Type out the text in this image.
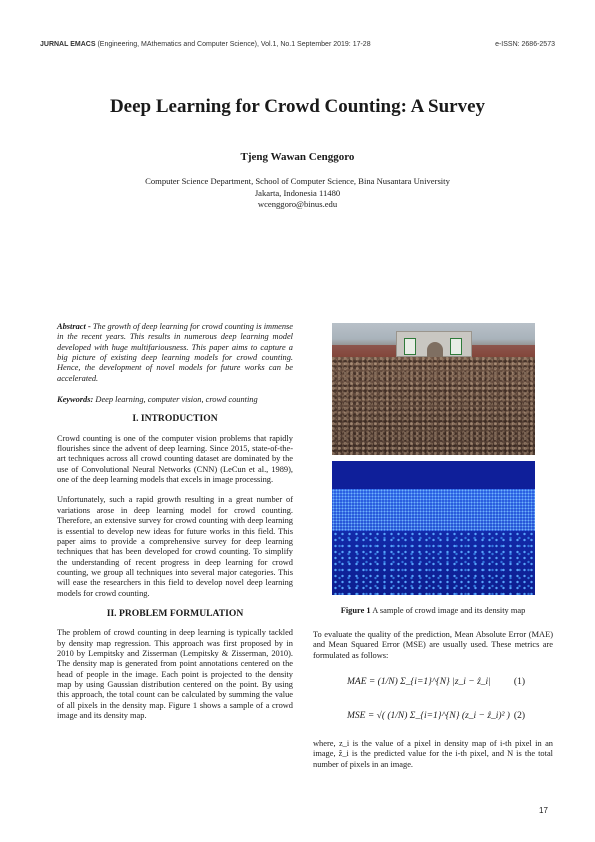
JURNAL EMACS (Engineering, MAthematics and Computer Science), Vol.1, No.1 September 2019: 17-28	e-ISSN: 2686-2573
Deep Learning for Crowd Counting: A Survey
Tjeng Wawan Cenggoro
Computer Science Department, School of Computer Science, Bina Nusantara University
Jakarta, Indonesia 11480
wcenggoro@binus.edu

Abstract - The growth of deep learning for crowd counting is immense in the recent years. This results in numerous deep learning model developed with huge multifariousness. This paper aims to capture a big picture of existing deep learning models for crowd counting. Hence, the development of novel models for future works can be accelerated.

Keywords: Deep learning, computer vision, crowd counting

I. INTRODUCTION

Crowd counting is one of the computer vision problems that rapidly flourishes since the advent of deep learning. Since 2015, state-of-the-art techniques across all crowd counting dataset are dominated by the use of Convolutional Neural Networks (CNN) (LeCun et al., 1989), one of the deep learning models that excels in image processing.

Unfortunately, such a rapid growth resulting in a great number of variations arose in deep learning model for crowd counting. Therefore, an extensive survey for crowd counting with deep learning is essential to develop new ideas for future works in this field. This paper aims to provide a comprehensive survey for deep learning techniques that has been developed for crowd counting. To simplify the understanding of recent progress in deep learning for crowd counting, we group all techniques into several major categories. This will ease the researchers in this field to develop novel deep learning models for crowd counting.

II. PROBLEM FORMULATION

The problem of crowd counting in deep learning is typically tackled by density map regression. This approach was first proposed by in 2010 by Lempitsky and Zisserman (Lempitsky & Zisserman, 2010). The density map is generated from point annotations centered on the head of people in the image. Each point is projected to the density map by using Gaussian distribution centered on the point. By using this approach, the total count can be calculated by summing the value of all pixels in the density map. Figure 1 shows a sample of a crowd image and its density map.

Figure 1 A sample of crowd image and its density map

To evaluate the quality of the prediction, Mean Absolute Error (MAE) and Mean Squared Error (MSE) are usually used. These metrics are formulated as follows:

MAE = (1/N) Σ_{i=1}^{N} |z_i − ẑ_i| (1)
MSE = √( (1/N) Σ_{i=1}^{N} (z_i − ẑ_i)² ) (2)

where, z_i is the value of a pixel in density map of i-th pixel in an image, ẑ_i is the predicted value for the i-th pixel, and N is the total number of pixels in an image.

17
